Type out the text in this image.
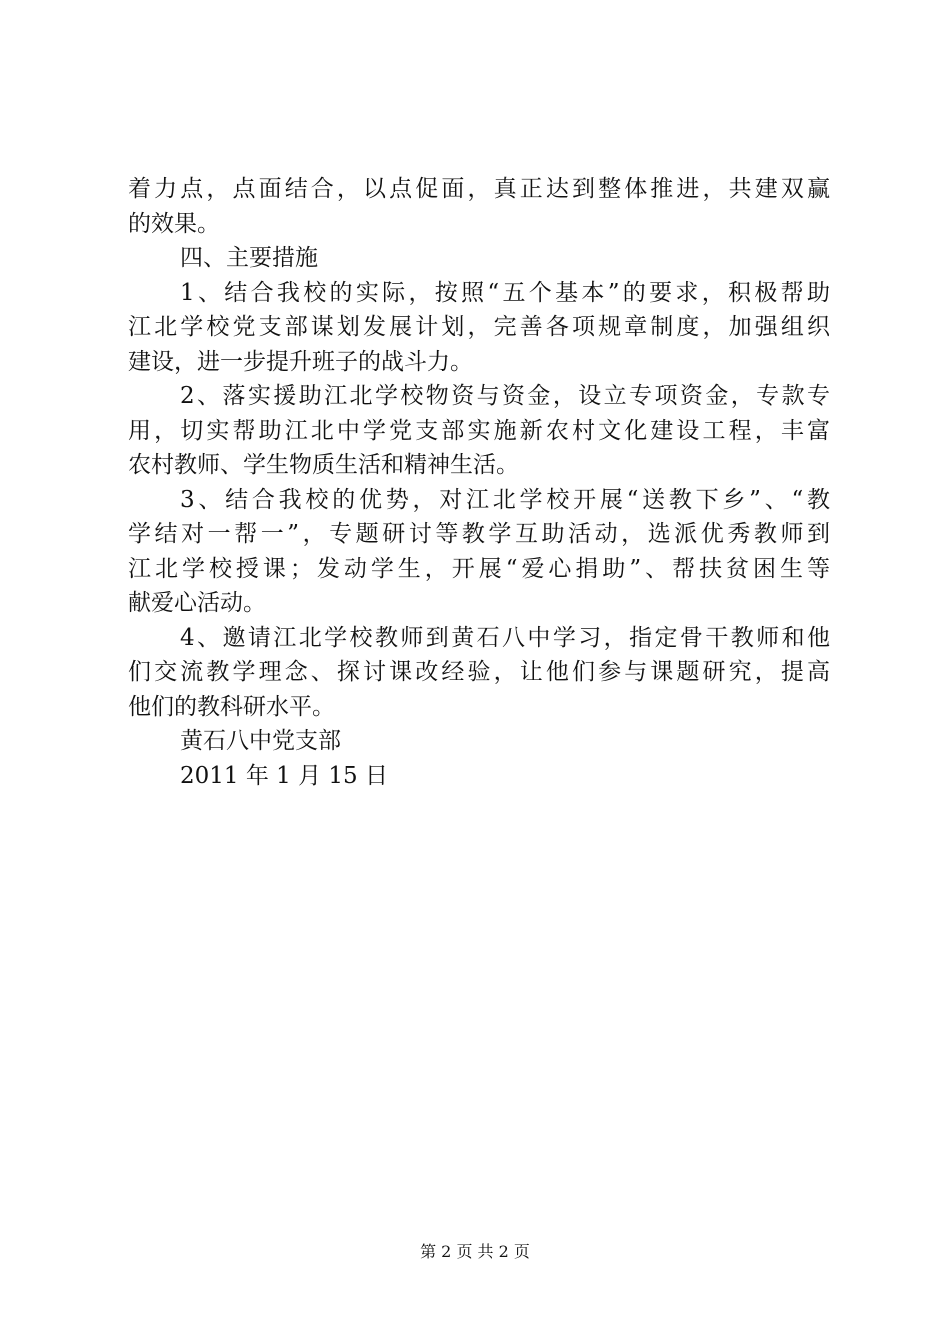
着力点，点面结合，以点促面，真正达到整体推进，共建双赢
的效果。
四、主要措施
1、结合我校的实际，按照“五个基本”的要求，积极帮助
江北学校党支部谋划发展计划，完善各项规章制度，加强组织
建设，进一步提升班子的战斗力。
2、落实援助江北学校物资与资金，设立专项资金，专款专
用，切实帮助江北中学党支部实施新农村文化建设工程，丰富
农村教师、学生物质生活和精神生活。
3、结合我校的优势，对江北学校开展“送教下乡”、“教
学结对一帮一”，专题研讨等教学互助活动，选派优秀教师到
江北学校授课；发动学生，开展“爱心捐助”、帮扶贫困生等
献爱心活动。
4、邀请江北学校教师到黄石八中学习，指定骨干教师和他
们交流教学理念、探讨课改经验，让他们参与课题研究，提高
他们的教科研水平。
黄石八中党支部
2011 年 1 月 15 日
第 2 页 共 2 页
